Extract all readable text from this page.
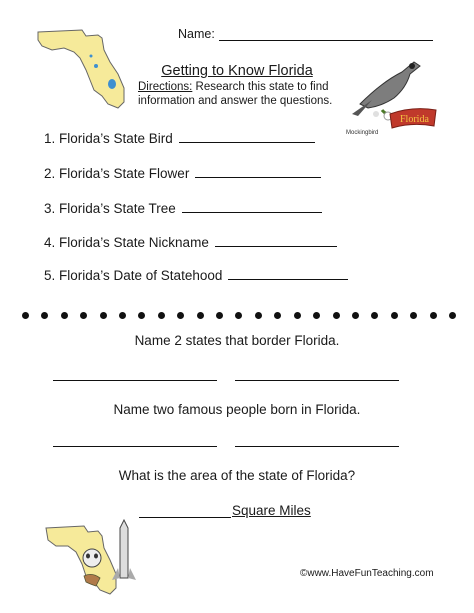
Name:
Getting to Know Florida
Directions: Research this state to find information and answer the questions.
Florida
Mockingbird
1. Florida’s State Bird
2. Florida’s State Flower
3. Florida’s State Tree
4. Florida’s State Nickname
5. Florida’s Date of Statehood
Name 2 states that border Florida.
Name two famous people born in Florida.
What is the area of the state of Florida?
Square Miles
©www.HaveFunTeaching.com
